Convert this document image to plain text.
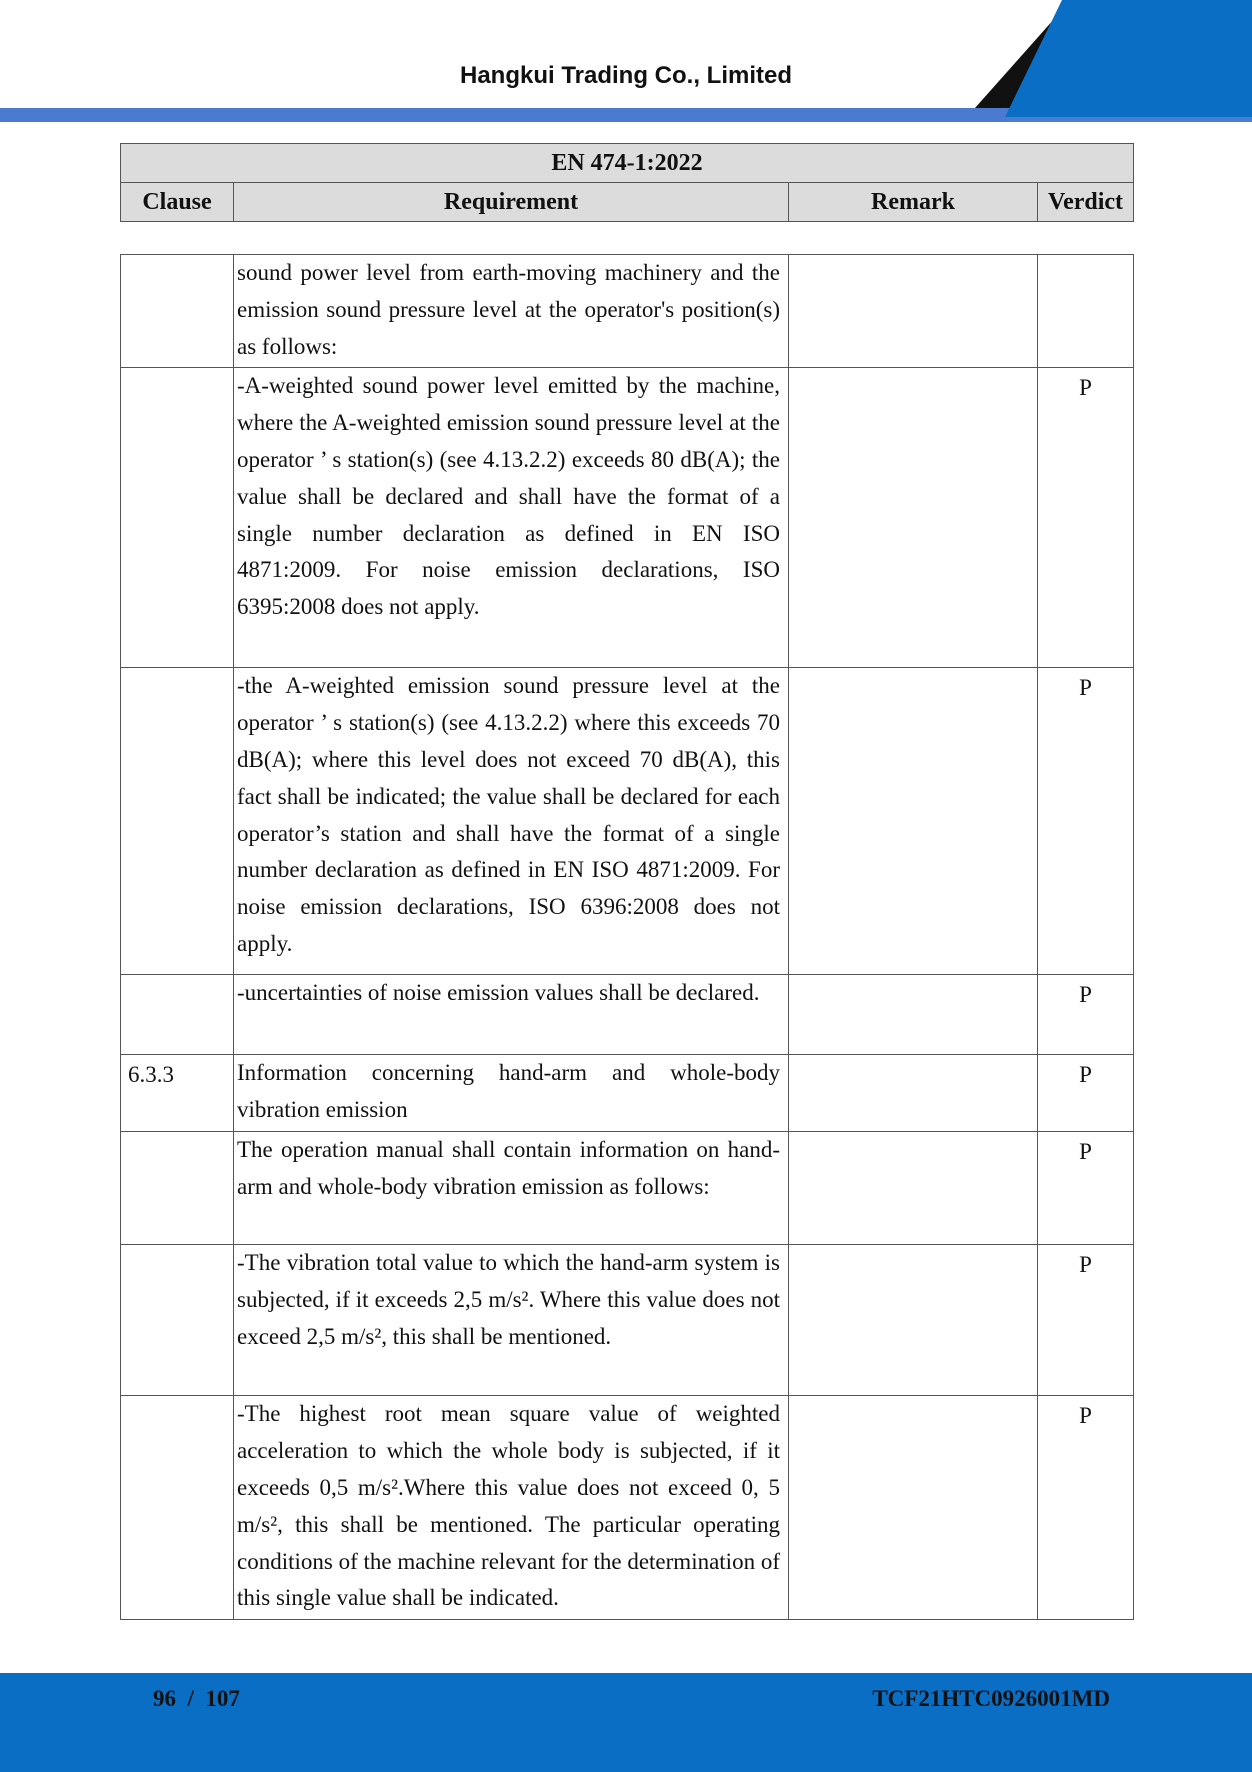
Hangkui Trading Co., Limited
EN 474-1:2022
Clause	Requirement	Remark	Verdict
	sound power level from earth-moving machinery and the emission sound pressure level at the operator's position(s) as follows:		
	-A-weighted sound power level emitted by the machine, where the A-weighted emission sound pressure level at the operator ’ s station(s) (see 4.13.2.2) exceeds 80 dB(A); the value shall be declared and shall have the format of a single number declaration as defined in EN ISO 4871:2009. For noise emission declarations, ISO 6395:2008 does not apply.		P
	-the A-weighted emission sound pressure level at the operator ’ s station(s) (see 4.13.2.2) where this exceeds 70 dB(A); where this level does not exceed 70 dB(A), this fact shall be indicated; the value shall be declared for each operator’s station and shall have the format of a single number declaration as defined in EN ISO 4871:2009. For noise emission declarations, ISO 6396:2008 does not apply.		P
	-uncertainties of noise emission values shall be declared.		P
6.3.3	Information concerning hand-arm and whole-body vibration emission		P
	The operation manual shall contain information on hand-arm and whole-body vibration emission as follows:		P
	-The vibration total value to which the hand-arm system is subjected, if it exceeds 2,5 m/s². Where this value does not exceed 2,5 m/s², this shall be mentioned.		P
	-The highest root mean square value of weighted acceleration to which the whole body is subjected, if it exceeds 0,5 m/s².Where this value does not exceed 0, 5 m/s², this shall be mentioned. The particular operating conditions of the machine relevant for the determination of this single value shall be indicated.		P
96  /  107	TCF21HTC0926001MD
